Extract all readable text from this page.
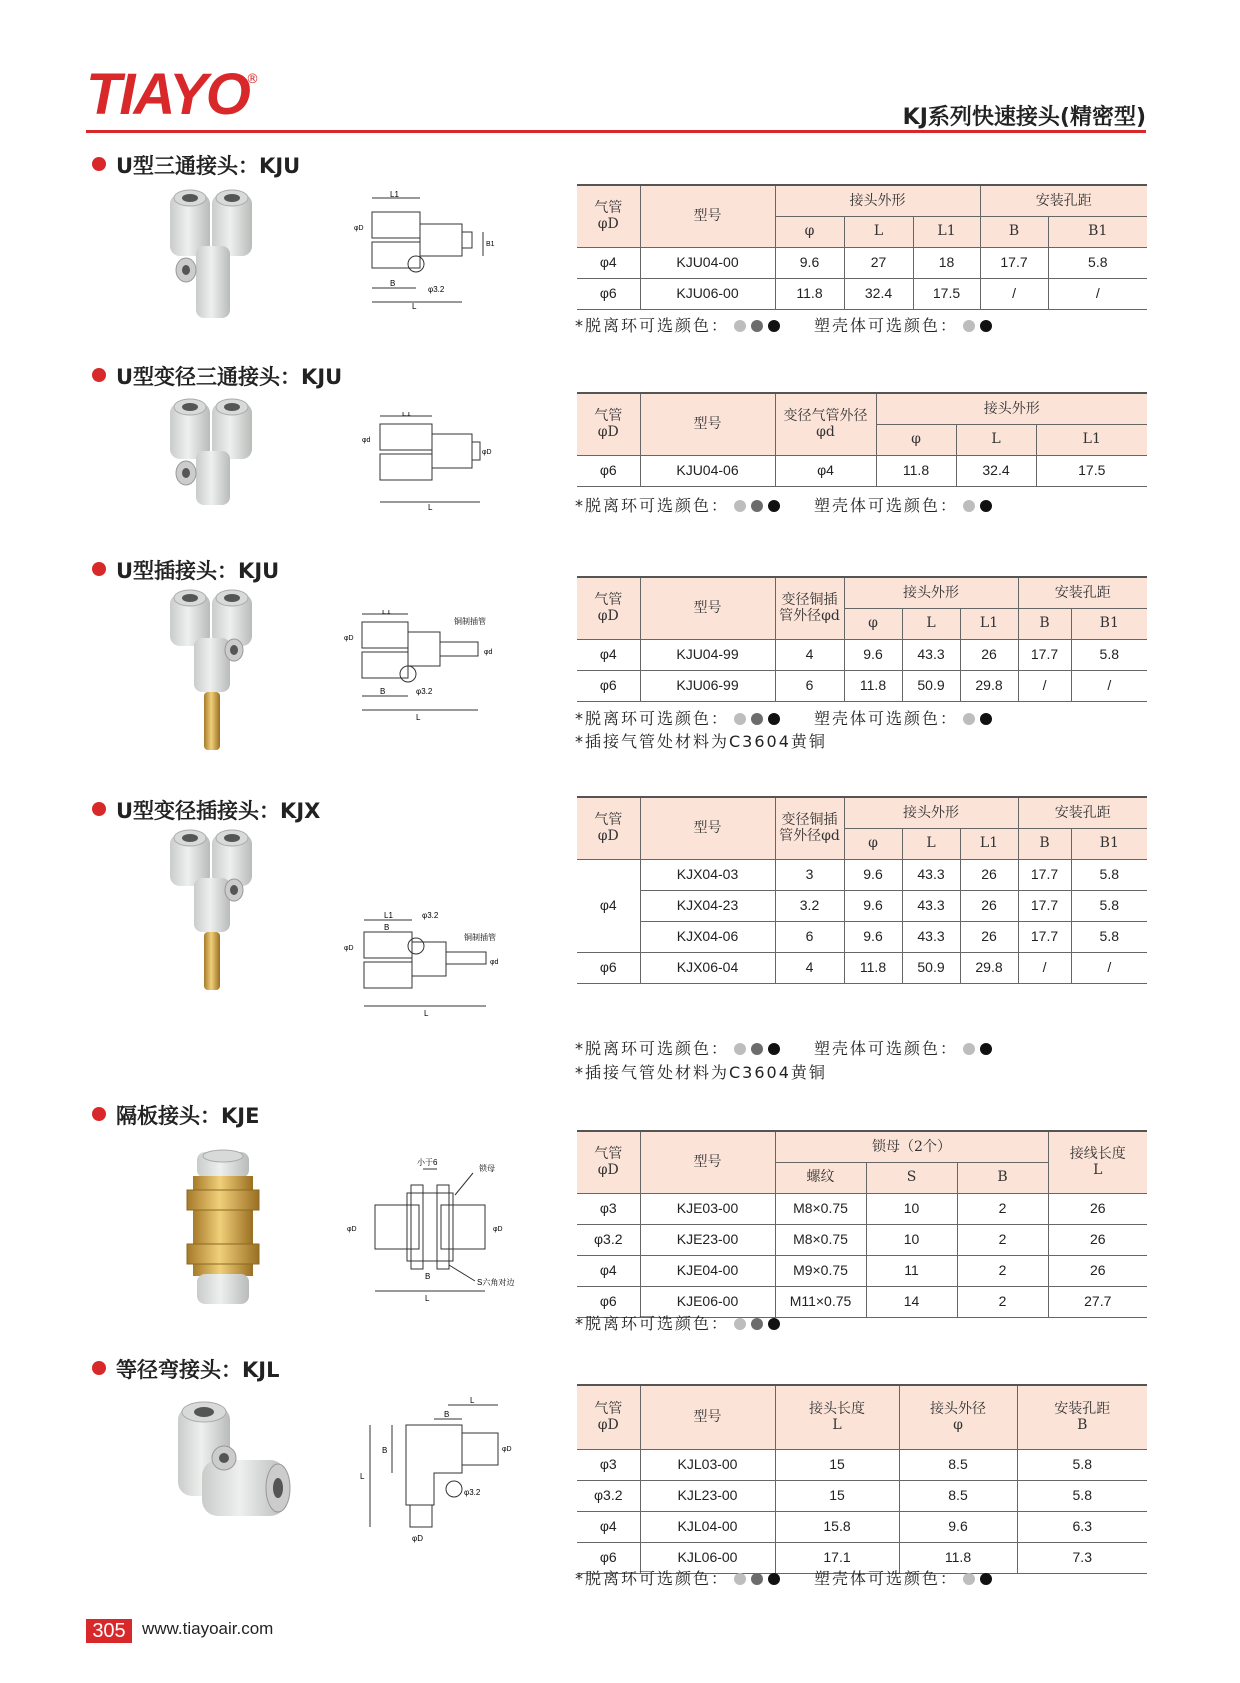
TIAYO
®
KJ系列快速接头(精密型)
U型三通接头：KJU
L1
L
B
B1
φD
φ3.2
气管
φD	型号	接头外形			安装孔距	
		φ	L	L1	B	B1
φ4	KJU04-00	9.6	27	18	17.7	5.8
φ6	KJU06-00	11.8	32.4	17.5	/	/
*脱离环可选颜色：	塑壳体可选颜色：
U型变径三通接头：KJU
L1
L
φd
φD
气管
φD	型号	变径气管外径
φd	接头外形		
			φ	L	L1
φ6	KJU04-06	φ4	11.8	32.4	17.5
*脱离环可选颜色：	塑壳体可选颜色：
U型插接头：KJU
L1
L
B
铜制插管
φ3.2
φD
φd
气管
φD	型号	变径铜插
管外径φd	接头外形			安装孔距	
			φ	L	L1	B	B1
φ4	KJU04-99	4	9.6	43.3	26	17.7	5.8
φ6	KJU06-99	6	11.8	50.9	29.8	/	/
*脱离环可选颜色：	塑壳体可选颜色：
*插接气管处材料为C3604黄铜
U型变径插接头：KJX
L1	φ3.2
L
B
铜制插管
φD
φd
气管
φD	型号	变径铜插
管外径φd	接头外形			安装孔距	
			φ	L	L1	B	B1
φ4	KJX04-03	3	9.6	43.3	26	17.7	5.8
	KJX04-23	3.2	9.6	43.3	26	17.7	5.8
	KJX04-06	6	9.6	43.3	26	17.7	5.8
φ6	KJX06-04	4	11.8	50.9	29.8	/	/
*脱离环可选颜色：	塑壳体可选颜色：
*插接气管处材料为C3604黄铜
隔板接头：KJE
小于6
锁母
L
B
S六角对边
φD	φD
气管
φD	型号	锁母（2个）			接线长度
L
		螺纹	S	B	
φ3	KJE03-00	M8×0.75	10	2	26
φ3.2	KJE23-00	M8×0.75	10	2	26
φ4	KJE04-00	M9×0.75	11	2	26
φ6	KJE06-00	M11×0.75	14	2	27.7
*脱离环可选颜色：
等径弯接头：KJL
L
B
L
B
φ3.2
φD
φD
气管
φD	型号	接头长度
L	接头外径
φ	安装孔距
B
φ3	KJL03-00	15	8.5	5.8
φ3.2	KJL23-00	15	8.5	5.8
φ4	KJL04-00	15.8	9.6	6.3
φ6	KJL06-00	17.1	11.8	7.3
*脱离环可选颜色：	塑壳体可选颜色：
305 www.tiayoair.com
